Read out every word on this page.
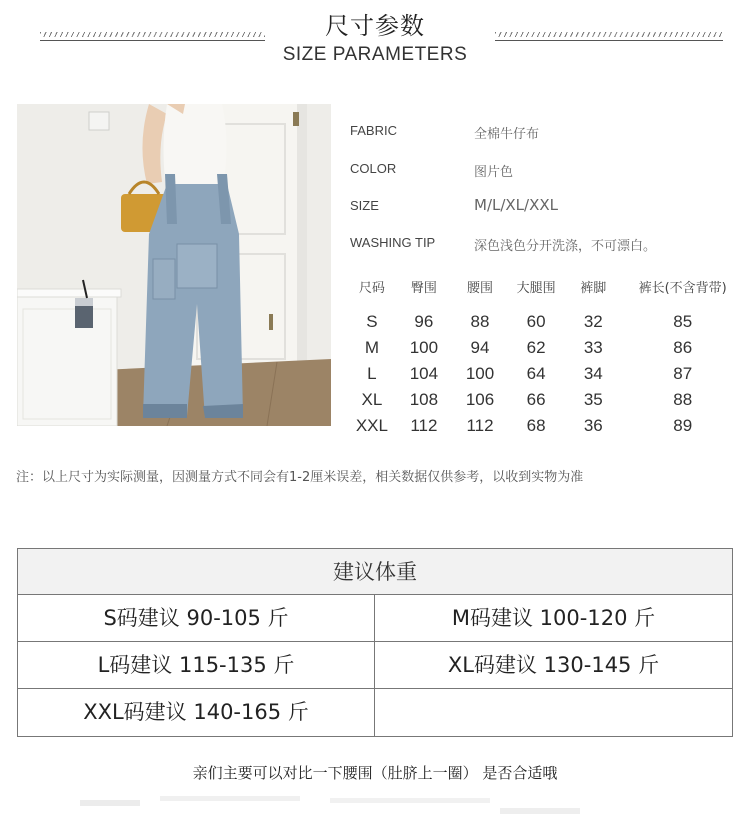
尺寸参数
SIZE PARAMETERS
FABRIC	全棉牛仔布
COLOR	图片色
SIZE	M/L/XL/XXL
WASHING TIP	深色浅色分开洗涤，不可漂白。
尺码	臀围	腰围	大腿围	裤脚	裤长(不含背带)

S	96	88	60	32	85
M	100	94	62	33	86
L	104	100	64	34	87
XL	108	106	66	35	88
XXL	112	112	68	36	89
注：以上尺寸为实际测量，因测量方式不同会有1-2厘米误差，相关数据仅供参考，以收到实物为准
建议体重
S码建议 90-105 斤	M码建议 100-120 斤
L码建议 115-135 斤	XL码建议 130-145 斤
XXL码建议 140-165 斤
亲们主要可以对比一下腰围（肚脐上一圈） 是否合适哦
